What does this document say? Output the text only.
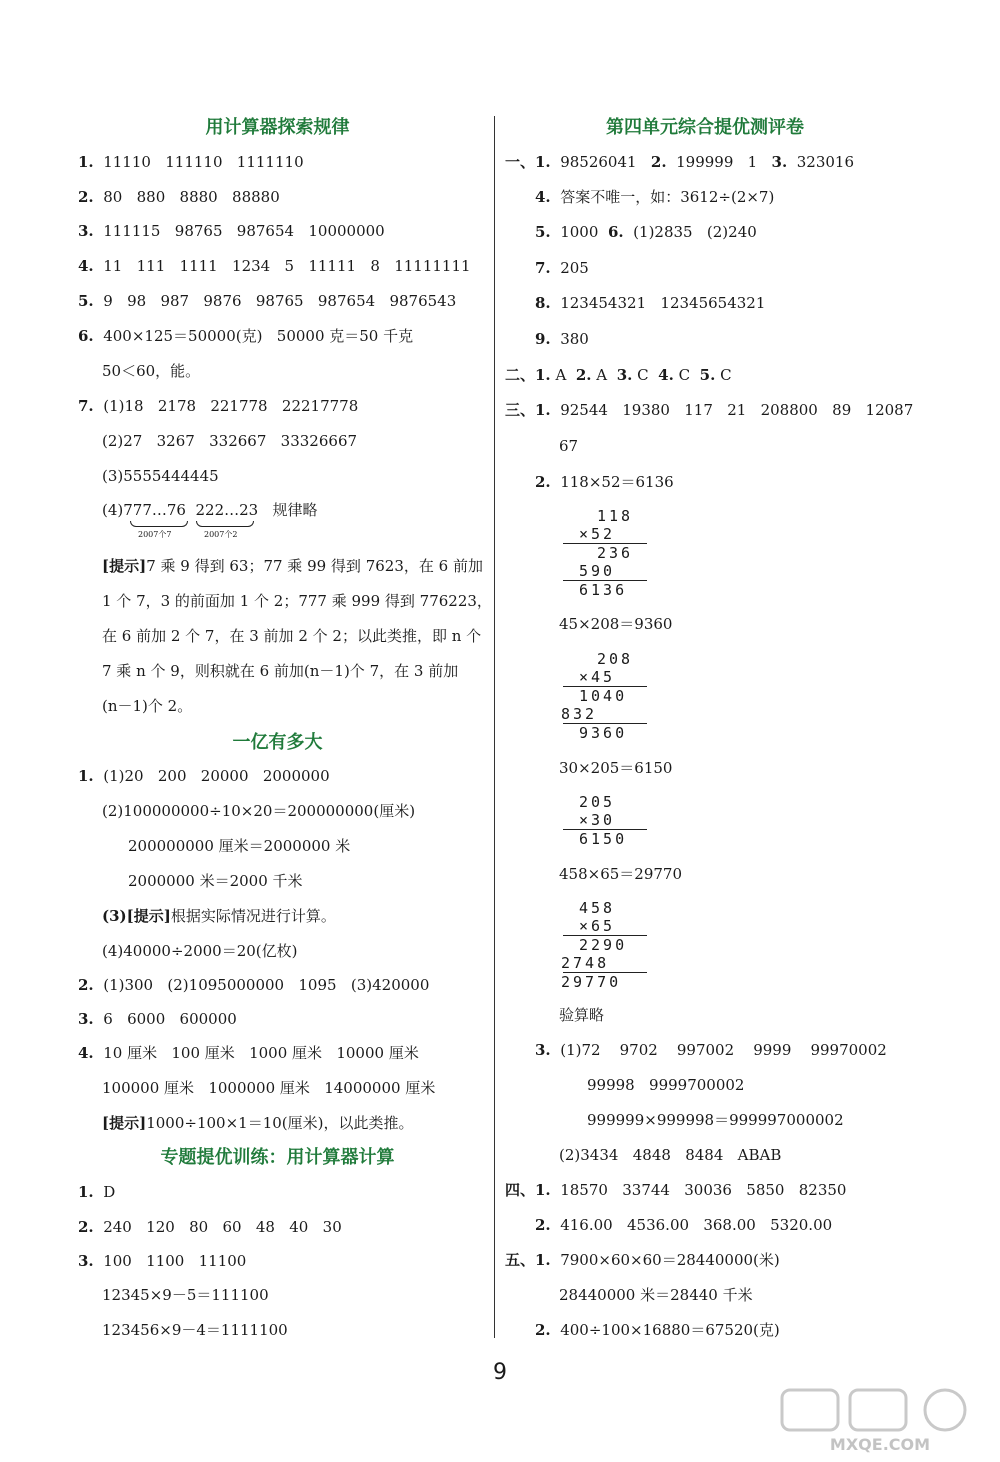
用计算器探索规律
1. 11110   111110   1111110
2. 80   880   8880   88880
3. 111115   98765   987654   10000000
4. 11   111   1111   1234   5   11111   8   11111111
5. 9   98   987   9876   98765   987654   9876543
6. 400×125＝50000(克)   50000 克＝50 千克
50＜60，能。
7. (1)18   2178   221778   22217778
(2)27   3267   332667   33326667
(3)5555444445
(4)777…76  222…23   规律略
2007个7	2007个2
[提示]7 乘 9 得到 63；77 乘 99 得到 7623，在 6 前加
1 个 7，3 的前面加 1 个 2；777 乘 999 得到 776223，
在 6 前加 2 个 7，在 3 前加 2 个 2；以此类推，即 n 个
7 乘 n 个 9，则积就在 6 前加(n－1)个 7，在 3 前加
(n－1)个 2。
一亿有多大
1. (1)20   200   20000   2000000
(2)100000000÷10×20＝200000000(厘米)
200000000 厘米＝2000000 米
2000000 米＝2000 千米
(3)[提示]根据实际情况进行计算。
(4)40000÷2000＝20(亿枚)
2. (1)300   (2)1095000000   1095   (3)420000
3. 6   6000   600000
4. 10 厘米   100 厘米   1000 厘米   10000 厘米
100000 厘米   1000000 厘米   14000000 厘米
[提示]1000÷100×1＝10(厘米)，以此类推。
专题提优训练：用计算器计算
1. D
2. 240   120   80   60   48   40   30
3. 100   1100   11100
12345×9－5＝111100
123456×9－4＝1111100
第四单元综合提优测评卷
一、1. 98526041 2. 199999   1 3. 323016
4. 答案不唯一，如：3612÷(2×7)
5. 1000 6. (1)2835   (2)240
7. 205
8. 123454321   12345654321
9. 380
二、1. A 2. A 3. C 4. C 5. C
三、1. 92544   19380   117   21   208800   89   12087
67
2. 118×52＝6136
118
×52
236
590
6136
45×208＝9360
208
×45
1040
832
9360
30×205＝6150
205
×30
6150
458×65＝29770
458
×65
2290
2748
29770
验算略
3. (1)72    9702    997002    9999    99970002
99998   9999700002
999999×999998＝999997000002
(2)3434   4848   8484   ABAB
四、1. 18570   33744   30036   5850   82350
2. 416.00   4536.00   368.00   5320.00
五、1. 7900×60×60＝28440000(米)
28440000 米＝28440 千米
2. 400÷100×16880＝67520(克)
9
MXQE.COM
